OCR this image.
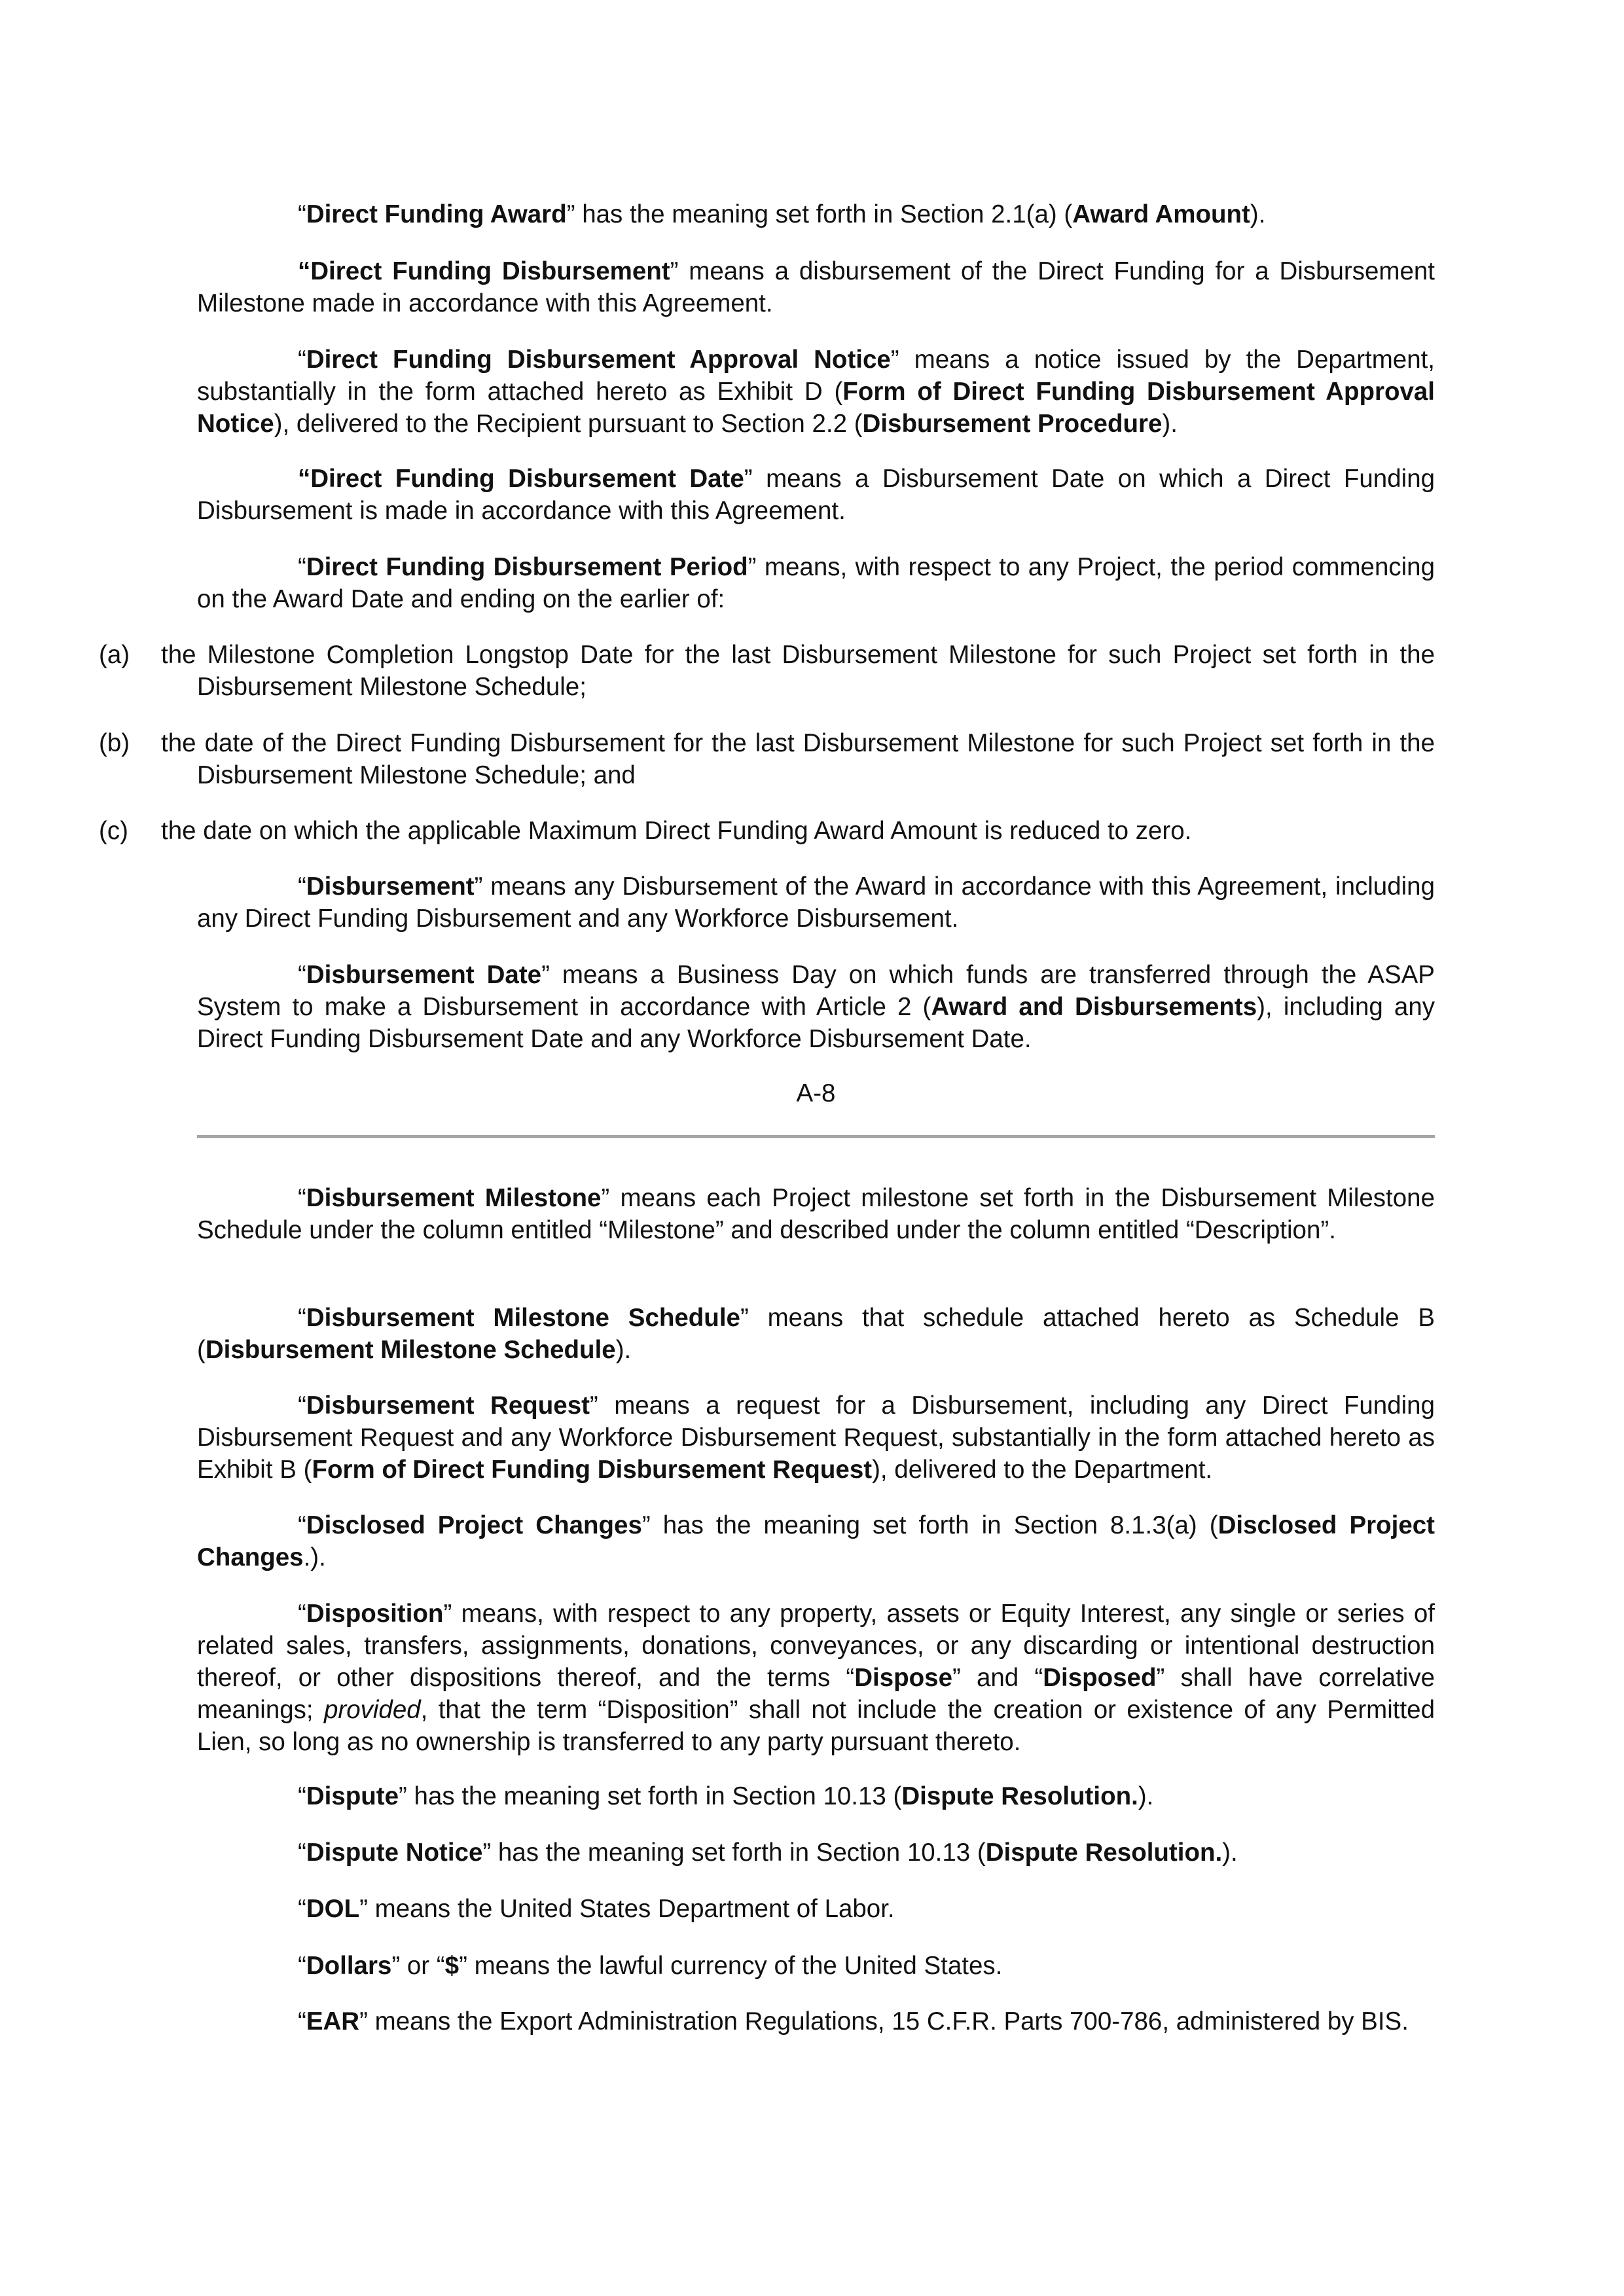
“Direct Funding Award” has the meaning set forth in Section 2.1(a) (Award Amount).

“Direct Funding Disbursement” means a disbursement of the Direct Funding for a Disbursement Milestone made in accordance with this Agreement.

“Direct Funding Disbursement Approval Notice” means a notice issued by the Department, substantially in the form attached hereto as Exhibit D (Form of Direct Funding Disbursement Approval Notice), delivered to the Recipient pursuant to Section 2.2 (Disbursement Procedure).

“Direct Funding Disbursement Date” means a Disbursement Date on which a Direct Funding Disbursement is made in accordance with this Agreement.

“Direct Funding Disbursement Period” means, with respect to any Project, the period commencing on the Award Date and ending on the earlier of:

(a) the Milestone Completion Longstop Date for the last Disbursement Milestone for such Project set forth in the Disbursement Milestone Schedule;
(b) the date of the Direct Funding Disbursement for the last Disbursement Milestone for such Project set forth in the Disbursement Milestone Schedule; and
(c) the date on which the applicable Maximum Direct Funding Award Amount is reduced to zero.

“Disbursement” means any Disbursement of the Award in accordance with this Agreement, including any Direct Funding Disbursement and any Workforce Disbursement.

“Disbursement Date” means a Business Day on which funds are transferred through the ASAP System to make a Disbursement in accordance with Article 2 (Award and Disbursements), including any Direct Funding Disbursement Date and any Workforce Disbursement Date.

A-8

“Disbursement Milestone” means each Project milestone set forth in the Disbursement Milestone Schedule under the column entitled “Milestone” and described under the column entitled “Description”.

“Disbursement Milestone Schedule” means that schedule attached hereto as Schedule B (Disbursement Milestone Schedule).

“Disbursement Request” means a request for a Disbursement, including any Direct Funding Disbursement Request and any Workforce Disbursement Request, substantially in the form attached hereto as Exhibit B (Form of Direct Funding Disbursement Request), delivered to the Department.

“Disclosed Project Changes” has the meaning set forth in Section 8.1.3(a) (Disclosed Project Changes.).

“Disposition” means, with respect to any property, assets or Equity Interest, any single or series of related sales, transfers, assignments, donations, conveyances, or any discarding or intentional destruction thereof, or other dispositions thereof, and the terms “Dispose” and “Disposed” shall have correlative meanings; provided, that the term “Disposition” shall not include the creation or existence of any Permitted Lien, so long as no ownership is transferred to any party pursuant thereto.

“Dispute” has the meaning set forth in Section 10.13 (Dispute Resolution.).

“Dispute Notice” has the meaning set forth in Section 10.13 (Dispute Resolution.).

“DOL” means the United States Department of Labor.

“Dollars” or “$” means the lawful currency of the United States.

“EAR” means the Export Administration Regulations, 15 C.F.R. Parts 700-786, administered by BIS.
